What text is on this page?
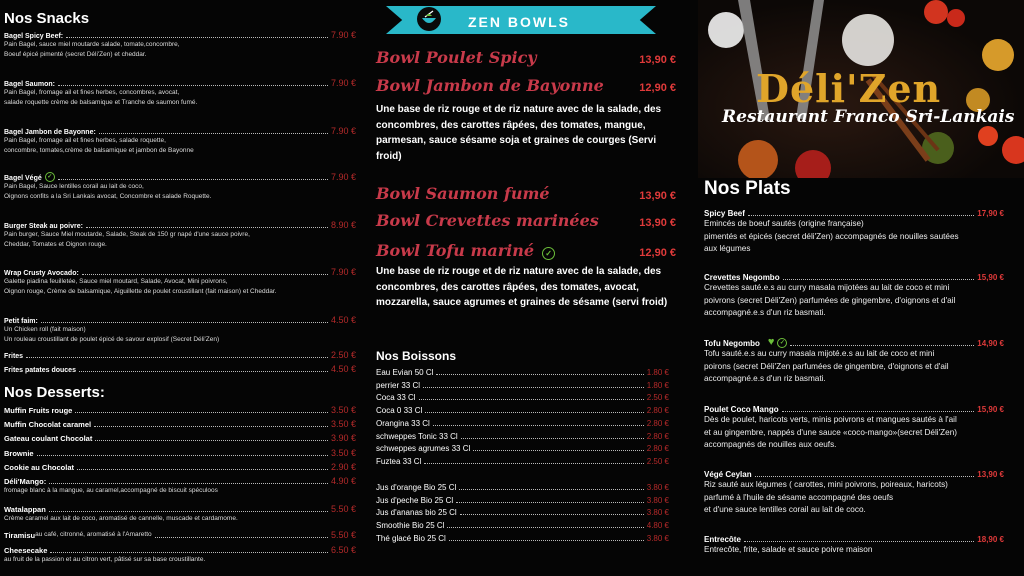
Nos Snacks
Bagel Spicy Beef:	7.90 €
Pain Bagel, sauce miel moutarde salade, tomate,concombre,
Boeuf épicé pimenté (secret Déli'Zen) et cheddar.
Bagel Saumon:	7.90 €
Pain Bagel, fromage ail et fines herbes, concombres, avocat,
salade roquette crème de balsamique et Tranche de saumon fumé.
Bagel Jambon de Bayonne:	7.90 €
Pain Bagel, fromage ail et fines herbes, salade roquette,
concombre, tomates,crème de balsamique et jambon de Bayonne
Bagel Végé ✓	7.90 €
Pain Bagel, Sauce lentilles corail au lait de coco,
Oignons confits a la Sri Lankais avocat, Concombre et salade Roquette.
Burger Steak au poivre:	8.90 €
Pain burger, Sauce Miel moutarde, Salade, Steak de 150 gr napé d'une sauce poivre,
Cheddar, Tomates et Oignon rouge.
Wrap Crusty Avocado:	7.90 €
Galette piadina feuilletée, Sauce miel moutard, Salade, Avocat, Mini poivrons,
Oignon rouge, Crème de balsamique, Aiguillette de poulet croustillant (fait maison) et Cheddar.
Petit faim:	4.50 €
Un Chicken roll (fait maison)
Un rouleau croustillant de poulet épicé de savour explosif (Secret Déli'Zen)
Frites	2.50 €
Frites patates douces	4.50 €
Nos Desserts:
Muffin Fruits rouge	3.50 €
Muffin Chocolat caramel	3.50 €
Gateau coulant Chocolat	3.90 €
Brownie	3.50 €
Cookie au Chocolat	2.90 €
Déli'Mango:	4.90 €
fromage blanc à la mangue, au caramel,accompagné de biscuit spéculoos
Watalappan	5.50 €
Crème caramel aux lait de coco, aromatisé de cannelle, muscade et cardamome.
Tiramisu au café, citronné, aromatisé à l'Amaretto	5.50 €
Cheesecake	6.50 €
au fruit de la passion et au citron vert, pâtisé sur sa base croustillante.
ZEN BOWLS
Bowl Poulet Spicy	13,90 €
Bowl Jambon de Bayonne	12,90 €
Une base de riz rouge et de riz nature avec de la salade, des concombres, des carottes râpées, des tomates, mangue, parmesan, sauce sésame soja et graines de courges (Servi froid)
Bowl Saumon fumé	13,90 €
Bowl Crevettes marinées	13,90 €
Bowl Tofu mariné ✓	12,90 €
Une base de riz rouge et de riz nature avec de la salade, des concombres, des carottes râpées, des tomates, avocat, mozzarella, sauce agrumes et graines de sésame (servi froid)
Nos Boissons
Eau Evian 50 Cl	1.80 €
perrier 33 Cl	1.80 €
Coca 33 Cl	2.50 €
Coca 0 33 Cl	2.80 €
Orangina 33 Cl	2.80 €
schweppes Tonic 33 Cl	2.80 €
schweppes agrumes 33 Cl	2.80 €
Fuztea 33 Cl	2.50 €
Jus d'orange Bio 25 Cl	3.80 €
Jus d'peche Bio 25 Cl	3.80 €
Jus d'ananas bio 25 Cl	3.80 €
Smoothie Bio 25 Cl	4.80 €
Thé glacé Bio 25 Cl	3.80 €
Déli'Zen
Restaurant Franco Sri-Lankais
Nos Plats
Spicy Beef	17,90 €
Emincés de boeuf sautés (origine française)
pimentés et épicés (secret déli'Zen) accompagnés de nouilles sautées
aux légumes
Crevettes Negombo	15,90 €
Crevettes sauté.e.s au curry masala mijotées au lait de coco et mini
poivrons (secret Déli'Zen) parfumées de gingembre, d'oignons et d'ail
accompagné.e.s d'un riz basmati.
Tofu Negombo ♥ ✓	14,90 €
Tofu sauté.e.s au curry masala mijoté.e.s au lait de coco et mini
poirons (secret Déli'Zen parfumées de gingembre, d'oignons et d'ail
accompagné.e.s d'un riz basmati.
Poulet Coco Mango	15,90 €
Dès de poulet, haricots verts, minis poivrons et mangues sautés à l'ail
et au gingembre, nappés d'une sauce «coco-mango»(secret Déli'Zen)
accompagnés de nouilles aux oeufs.
Végé Ceylan	13,90 €
Riz sauté aux légumes ( carottes, mini poivrons, poireaux, haricots)
parfumé à l'huile de sésame accompagné des oeufs
et d'une sauce lentilles corail au lait de coco.
Entrecôte	18,90 €
Entrecôte, frite, salade et sauce poivre maison
